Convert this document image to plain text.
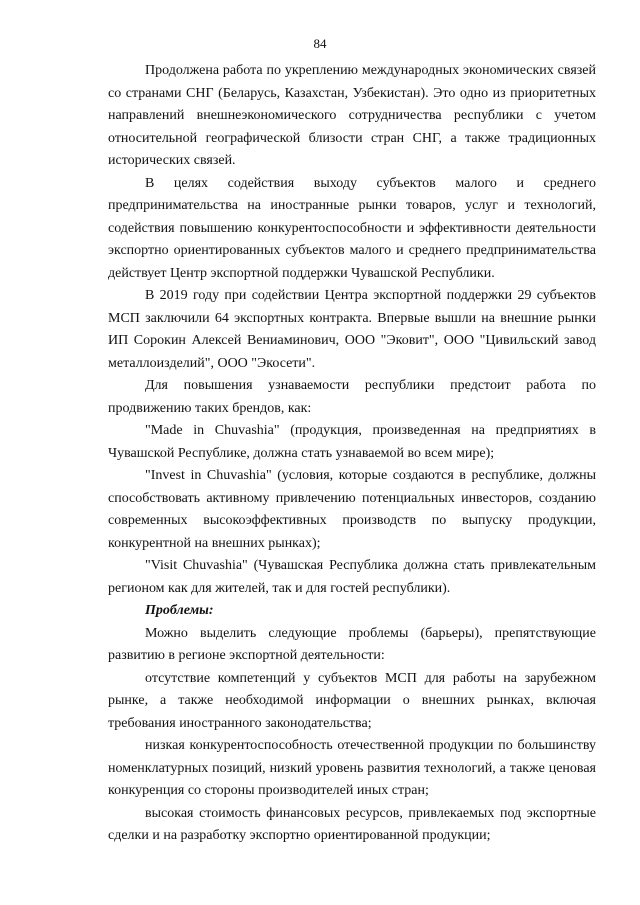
84

Продолжена работа по укреплению международных экономических связей со странами СНГ (Беларусь, Казахстан, Узбекистан). Это одно из приоритетных направлений внешнеэкономического сотрудничества республики с учетом относительной географической близости стран СНГ, а также традиционных исторических связей.

В целях содействия выходу субъектов малого и среднего предпринимательства на иностранные рынки товаров, услуг и технологий, содействия повышению конкурентоспособности и эффективности деятельности экспортно ориентированных субъектов малого и среднего предпринимательства действует Центр экспортной поддержки Чувашской Республики.

В 2019 году при содействии Центра экспортной поддержки 29 субъектов МСП заключили 64 экспортных контракта. Впервые вышли на внешние рынки ИП Сорокин Алексей Вениаминович, ООО "Эковит", ООО "Цивильский завод металлоизделий", ООО "Экосети".

Для повышения узнаваемости республики предстоит работа по продвижению таких брендов, как:

"Made in Chuvashia" (продукция, произведенная на предприятиях в Чувашской Республике, должна стать узнаваемой во всем мире);

"Invest in Chuvashia" (условия, которые создаются в республике, должны способствовать активному привлечению потенциальных инвесторов, созданию современных высокоэффективных производств по выпуску продукции, конкурентной на внешних рынках);

"Visit Chuvashia" (Чувашская Республика должна стать привлекательным регионом как для жителей, так и для гостей республики).

Проблемы:

Можно выделить следующие проблемы (барьеры), препятствующие развитию в регионе экспортной деятельности:

отсутствие компетенций у субъектов МСП для работы на зарубежном рынке, а также необходимой информации о внешних рынках, включая требования иностранного законодательства;

низкая конкурентоспособность отечественной продукции по большинству номенклатурных позиций, низкий уровень развития технологий, а также ценовая конкуренция со стороны производителей иных стран;

высокая стоимость финансовых ресурсов, привлекаемых под экспортные сделки и на разработку экспортно ориентированной продукции;
